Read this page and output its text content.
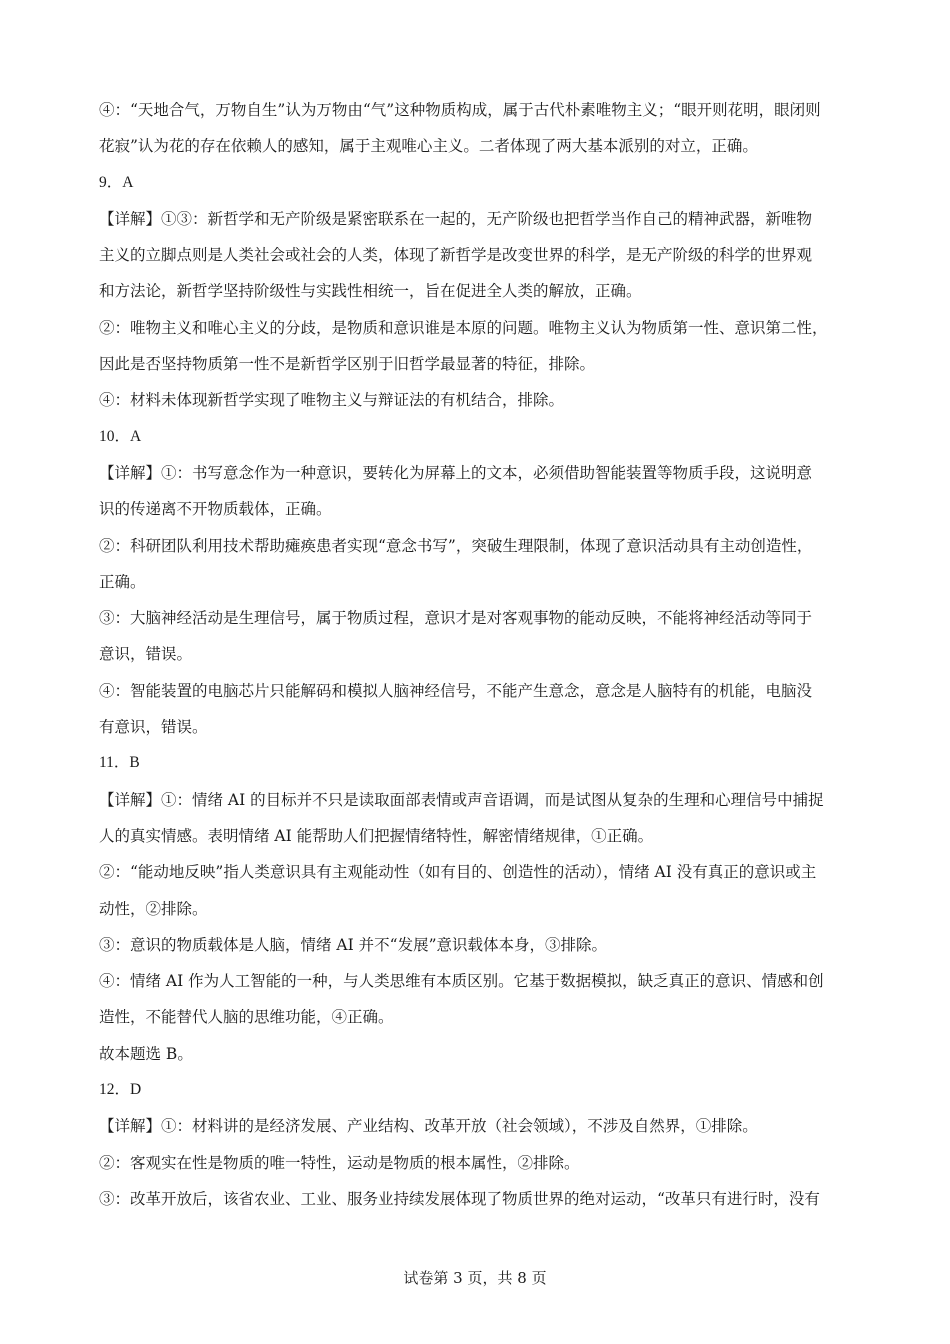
④：“天地合气，万物自生”认为万物由“气”这种物质构成，属于古代朴素唯物主义；“眼开则花明，眼闭则
花寂”认为花的存在依赖人的感知，属于主观唯心主义。二者体现了两大基本派别的对立，正确。
9．A
【详解】①③：新哲学和无产阶级是紧密联系在一起的，无产阶级也把哲学当作自己的精神武器，新唯物
主义的立脚点则是人类社会或社会的人类，体现了新哲学是改变世界的科学，是无产阶级的科学的世界观
和方法论，新哲学坚持阶级性与实践性相统一，旨在促进全人类的解放，正确。
②：唯物主义和唯心主义的分歧，是物质和意识谁是本原的问题。唯物主义认为物质第一性、意识第二性，
因此是否坚持物质第一性不是新哲学区别于旧哲学最显著的特征，排除。
④：材料未体现新哲学实现了唯物主义与辩证法的有机结合，排除。
10．A
【详解】①：书写意念作为一种意识，要转化为屏幕上的文本，必须借助智能装置等物质手段，这说明意
识的传递离不开物质载体，正确。
②：科研团队利用技术帮助瘫痪患者实现“意念书写”，突破生理限制，体现了意识活动具有主动创造性，
正确。
③：大脑神经活动是生理信号，属于物质过程，意识才是对客观事物的能动反映，不能将神经活动等同于
意识，错误。
④：智能装置的电脑芯片只能解码和模拟人脑神经信号，不能产生意念，意念是人脑特有的机能，电脑没
有意识，错误。
11．B
【详解】①：情绪 AI 的目标并不只是读取面部表情或声音语调，而是试图从复杂的生理和心理信号中捕捉
人的真实情感。表明情绪 AI 能帮助人们把握情绪特性，解密情绪规律，①正确。
②：“能动地反映”指人类意识具有主观能动性（如有目的、创造性的活动），情绪 AI 没有真正的意识或主
动性，②排除。
③：意识的物质载体是人脑，情绪 AI 并不“发展”意识载体本身，③排除。
④：情绪 AI 作为人工智能的一种，与人类思维有本质区别。它基于数据模拟，缺乏真正的意识、情感和创
造性，不能替代人脑的思维功能，④正确。
故本题选 B。
12．D
【详解】①：材料讲的是经济发展、产业结构、改革开放（社会领域），不涉及自然界，①排除。
②：客观实在性是物质的唯一特性，运动是物质的根本属性，②排除。
③：改革开放后，该省农业、工业、服务业持续发展体现了物质世界的绝对运动，“改革只有进行时，没有
试卷第 3 页，共 8 页
